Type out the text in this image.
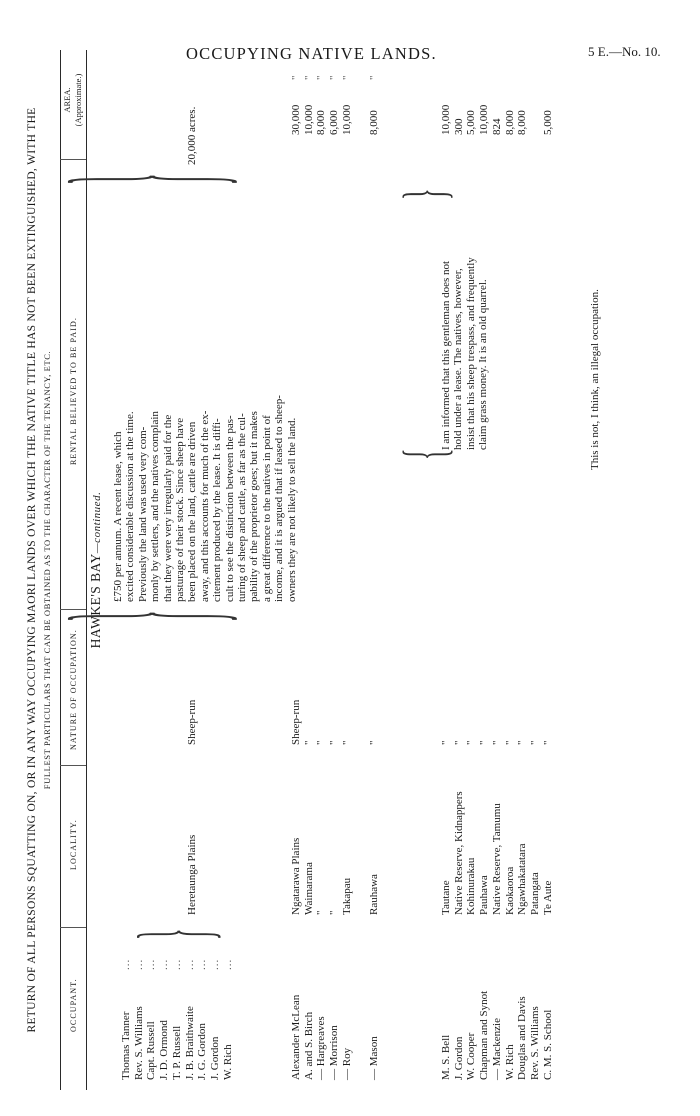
OCCUPYING NATIVE LANDS.	5 E.—No. 10.
RETURN OF ALL PERSONS SQUATTING ON, OR IN ANY WAY OCCUPYING MAORI LANDS OVER WHICH THE NATIVE TITLE HAS NOT BEEN EXTINGUISHED, WITH THE FULLEST PARTICULARS THAT CAN BE OBTAINED AS TO THE CHARACTER OF THE TENANCY, ETC.
OCCUPANT.
LOCALITY.
NATURE OF OCCUPATION.
RENTAL BELIEVED TO BE PAID.
AREA.
(Approximate.)
HAWKE'S BAY—continued.
Thomas Tanner
...
Rev. S. Williams
...
Capt. Russell
...
J. D. Ormond
...
T. P. Russell
...
J. B. Braithwaite
...
J. G. Gordon
...
J. Gordon
...
W. Rich
...
{
Heretaunga Plains
Sheep-run
}
£750 per annum. A recent lease, which excited considerable discussion at the time. Previously the land was used very com- monly by settlers, and the natives complain that they were very irregularly paid for the pasturage of their stock. Since sheep have been placed on the land, cattle are driven away, and this accounts for much of the ex- citement produced by the lease. It is diffi- cult to see the distinction between the pas- turing of sheep and cattle, as far as the cul- pability of the proprietor goes; but it makes a great difference to the natives in point of income, and it is argued that if leased to sheep- owners they are not likely to sell the land.
}
20,000 acres.
Alexander McLean
Ngatarawa Plains
Sheep-run
30,000
"
A. and S. Birch
Waimarama
"
10,000
"
— Hargreaves
"
"
8,000
"
— Morrison
"
"
6,000
"
— Roy
Takapau
"
10,000
"
— Mason
Rauhawa
"
8,000
"
M. S. Bell
Tautane
"
10,000
J. Gordon
Native Reserve, Kidnappers
"
300
W. Cooper
Kohinurakau
"
5,000
Chapman and Synot
Pauhawa
"
10,000
— Mackenzie
Native Reserve, Tamumu
"
824
W. Rich
Kaokaoroa
"
8,000
Douglas and Davis
Ngawhakatatara
"
8,000
Rev. S. Williams
Patangata
"
C. M. S. School
Te Aute
"
5,000
{
}
I am informed that this gentleman does not hold under a lease. The natives, however, insist that his sheep trespass, and frequently claim grass money. It is an old quarrel.	This is not, I think, an illegal occupation.
